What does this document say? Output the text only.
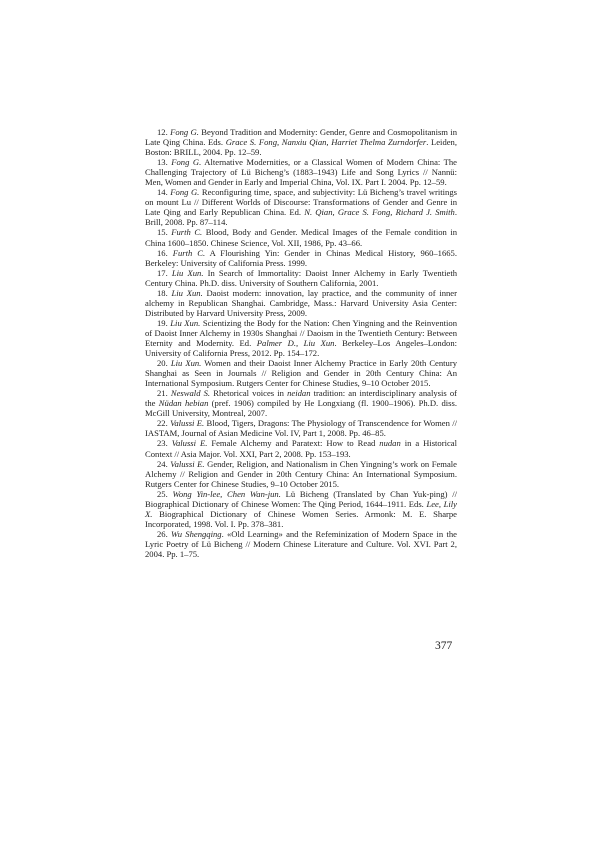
12. Fong G. Beyond Tradition and Modernity: Gender, Genre and Cosmopolitanism in Late Qing China. Eds. Grace S. Fong, Nanxiu Qian, Harriet Thelma Zurndorfer. Leiden, Boston: BRILL, 2004. Pp. 12–59.

13. Fong G. Alternative Modernities, or a Classical Women of Modern China: The Challenging Trajectory of Lü Bicheng’s (1883–1943) Life and Song Lyrics // Nannü: Men, Women and Gender in Early and Imperial China, Vol. IX. Part I. 2004. Pp. 12–59.

14. Fong G. Reconfiguring time, space, and subjectivity: Lü Bicheng’s travel writings on mount Lu // Different Worlds of Discourse: Transformations of Gender and Genre in Late Qing and Early Republican China. Ed. N. Qian, Grace S. Fong, Richard J. Smith. Brill, 2008. Pp. 87–114.

15. Furth C. Blood, Body and Gender. Medical Images of the Female condition in China 1600–1850. Chinese Science, Vol. XII, 1986, Pp. 43–66.

16. Furth C. A Flourishing Yin: Gender in Chinas Medical History, 960–1665. Berkeley: University of California Press. 1999.

17. Liu Xun. In Search of Immortality: Daoist Inner Alchemy in Early Twentieth Century China. Ph.D. diss. University of Southern California, 2001.

18. Liu Xun. Daoist modern: innovation, lay practice, and the community of inner alchemy in Republican Shanghai. Cambridge, Mass.: Harvard University Asia Center: Distributed by Harvard University Press, 2009.

19. Liu Xun. Scientizing the Body for the Nation: Chen Yingning and the Reinvention of Daoist Inner Alchemy in 1930s Shanghai // Daoism in the Twentieth Century: Between Eternity and Modernity. Ed. Palmer D., Liu Xun. Berkeley–Los Angeles–London: University of California Press, 2012. Pp. 154–172.

20. Liu Xun. Women and their Daoist Inner Alchemy Practice in Early 20th Century Shanghai as Seen in Journals // Religion and Gender in 20th Century China: An International Symposium. Rutgers Center for Chinese Studies, 9–10 October 2015.

21. Neswald S. Rhetorical voices in neidan tradition: an interdisciplinary analysis of the Nüdan hebian (pref. 1906) compiled by He Longxiang (fl. 1900–1906). Ph.D. diss. McGill University, Montreal, 2007.

22. Valussi E. Blood, Tigers, Dragons: The Physiology of Transcendence for Women // IASTAM, Journal of Asian Medicine Vol. IV, Part 1, 2008. Pp. 46–85.

23. Valussi E. Female Alchemy and Paratext: How to Read nudan in a Historical Context // Asia Major. Vol. XXI, Part 2, 2008. Pp. 153–193.

24. Valussi E. Gender, Religion, and Nationalism in Chen Yingning’s work on Female Alchemy // Religion and Gender in 20th Century China: An International Symposium. Rutgers Center for Chinese Studies, 9–10 October 2015.

25. Wong Yin-lee, Chen Wan-jun. Lü Bicheng (Translated by Chan Yuk-ping) // Biographical Dictionary of Chinese Women: The Qing Period, 1644–1911. Eds. Lee, Lily X. Biographical Dictionary of Chinese Women Series. Armonk: M. E. Sharpe Incorporated, 1998. Vol. I. Pp. 378–381.

26. Wu Shengqing. «Old Learning» and the Refeminization of Modern Space in the Lyric Poetry of Lü Bicheng // Modern Chinese Literature and Culture. Vol. XVI. Part 2, 2004. Pp. 1–75.

377
